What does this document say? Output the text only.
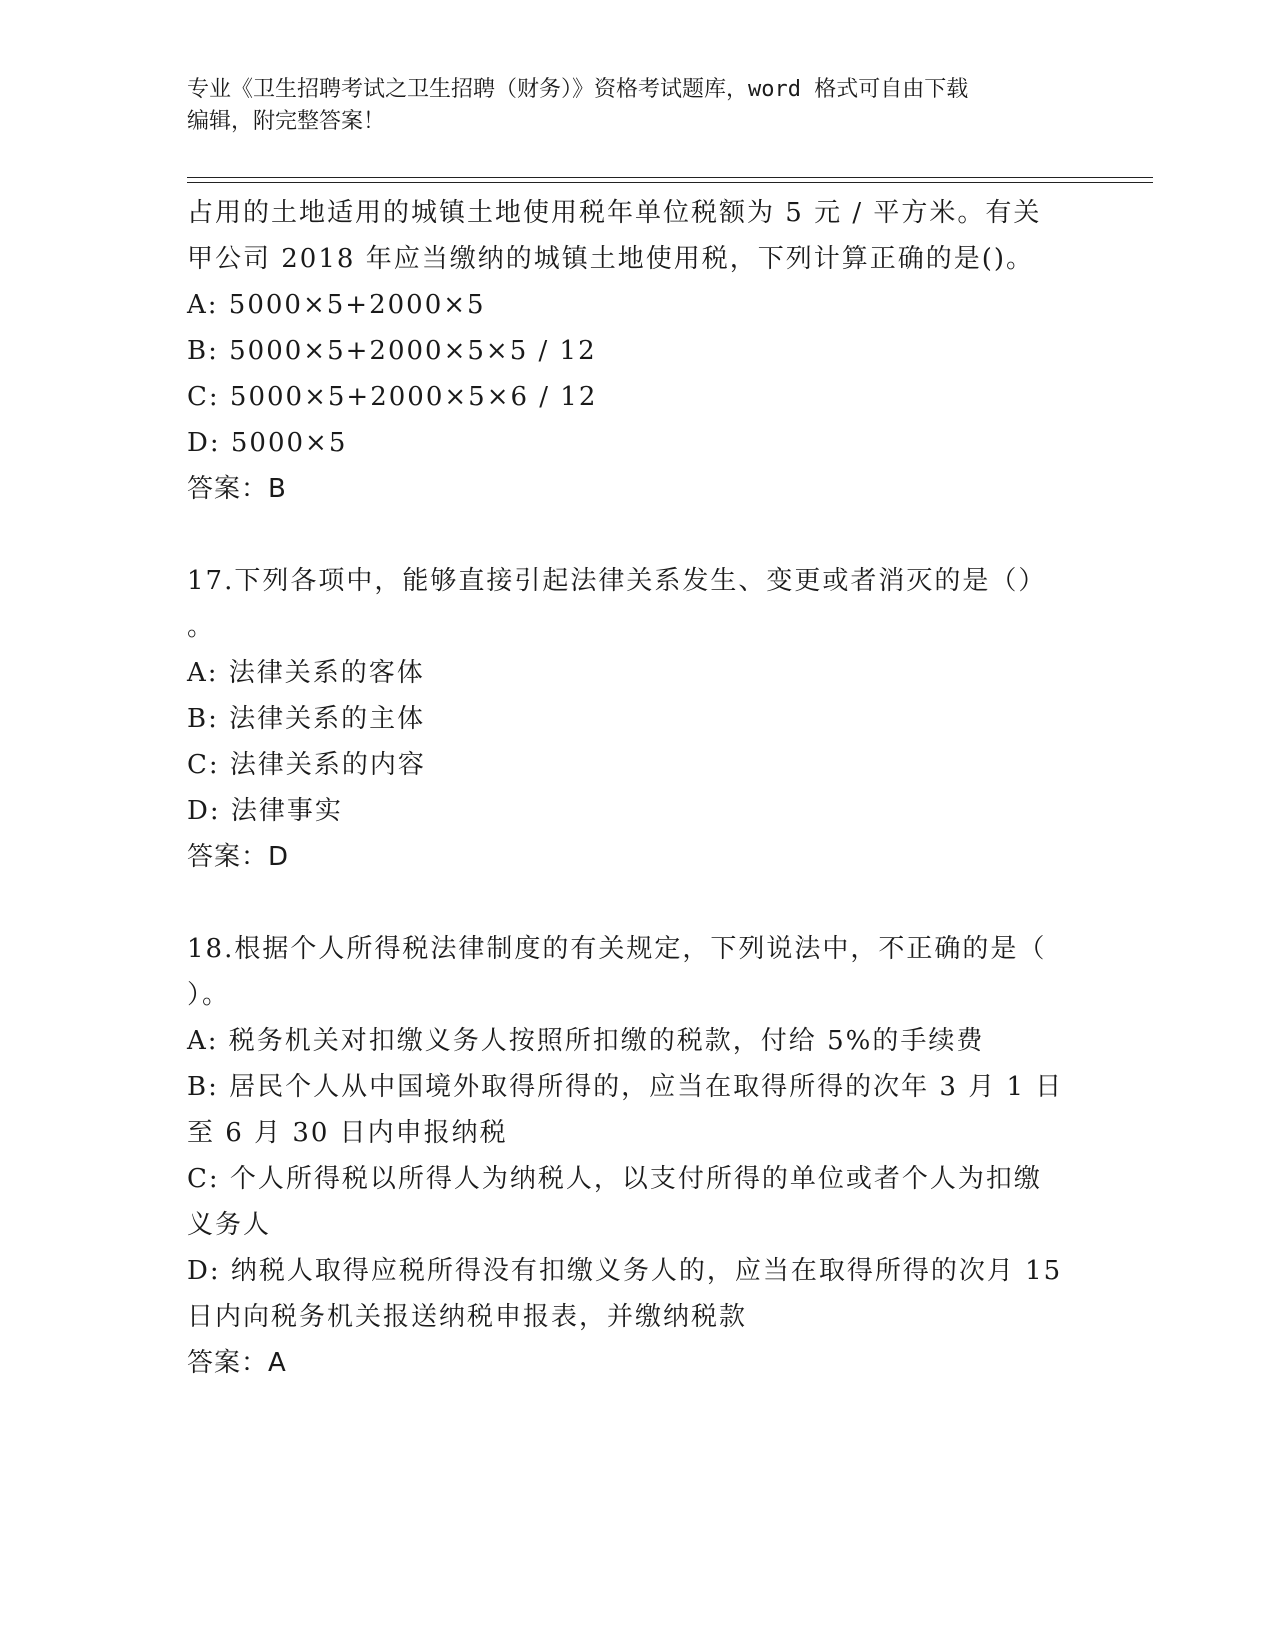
专业《卫生招聘考试之卫生招聘（财务）》资格考试题库，word 格式可自由下载
编辑，附完整答案！
占用的土地适用的城镇土地使用税年单位税额为 5 元 / 平方米。有关
甲公司 2018 年应当缴纳的城镇土地使用税，下列计算正确的是()。
A: 5000×5+2000×5
B: 5000×5+2000×5×5 / 12
C: 5000×5+2000×5×6 / 12
D: 5000×5
答案：B
17.下列各项中，能够直接引起法律关系发生、变更或者消灭的是（）
。
A: 法律关系的客体
B: 法律关系的主体
C: 法律关系的内容
D: 法律事实
答案：D
18.根据个人所得税法律制度的有关规定，下列说法中，不正确的是（
）。
A: 税务机关对扣缴义务人按照所扣缴的税款，付给 5%的手续费
B: 居民个人从中国境外取得所得的，应当在取得所得的次年 3 月 1 日
至 6 月 30 日内申报纳税
C: 个人所得税以所得人为纳税人，以支付所得的单位或者个人为扣缴
义务人
D: 纳税人取得应税所得没有扣缴义务人的，应当在取得所得的次月 15
日内向税务机关报送纳税申报表，并缴纳税款
答案：A
